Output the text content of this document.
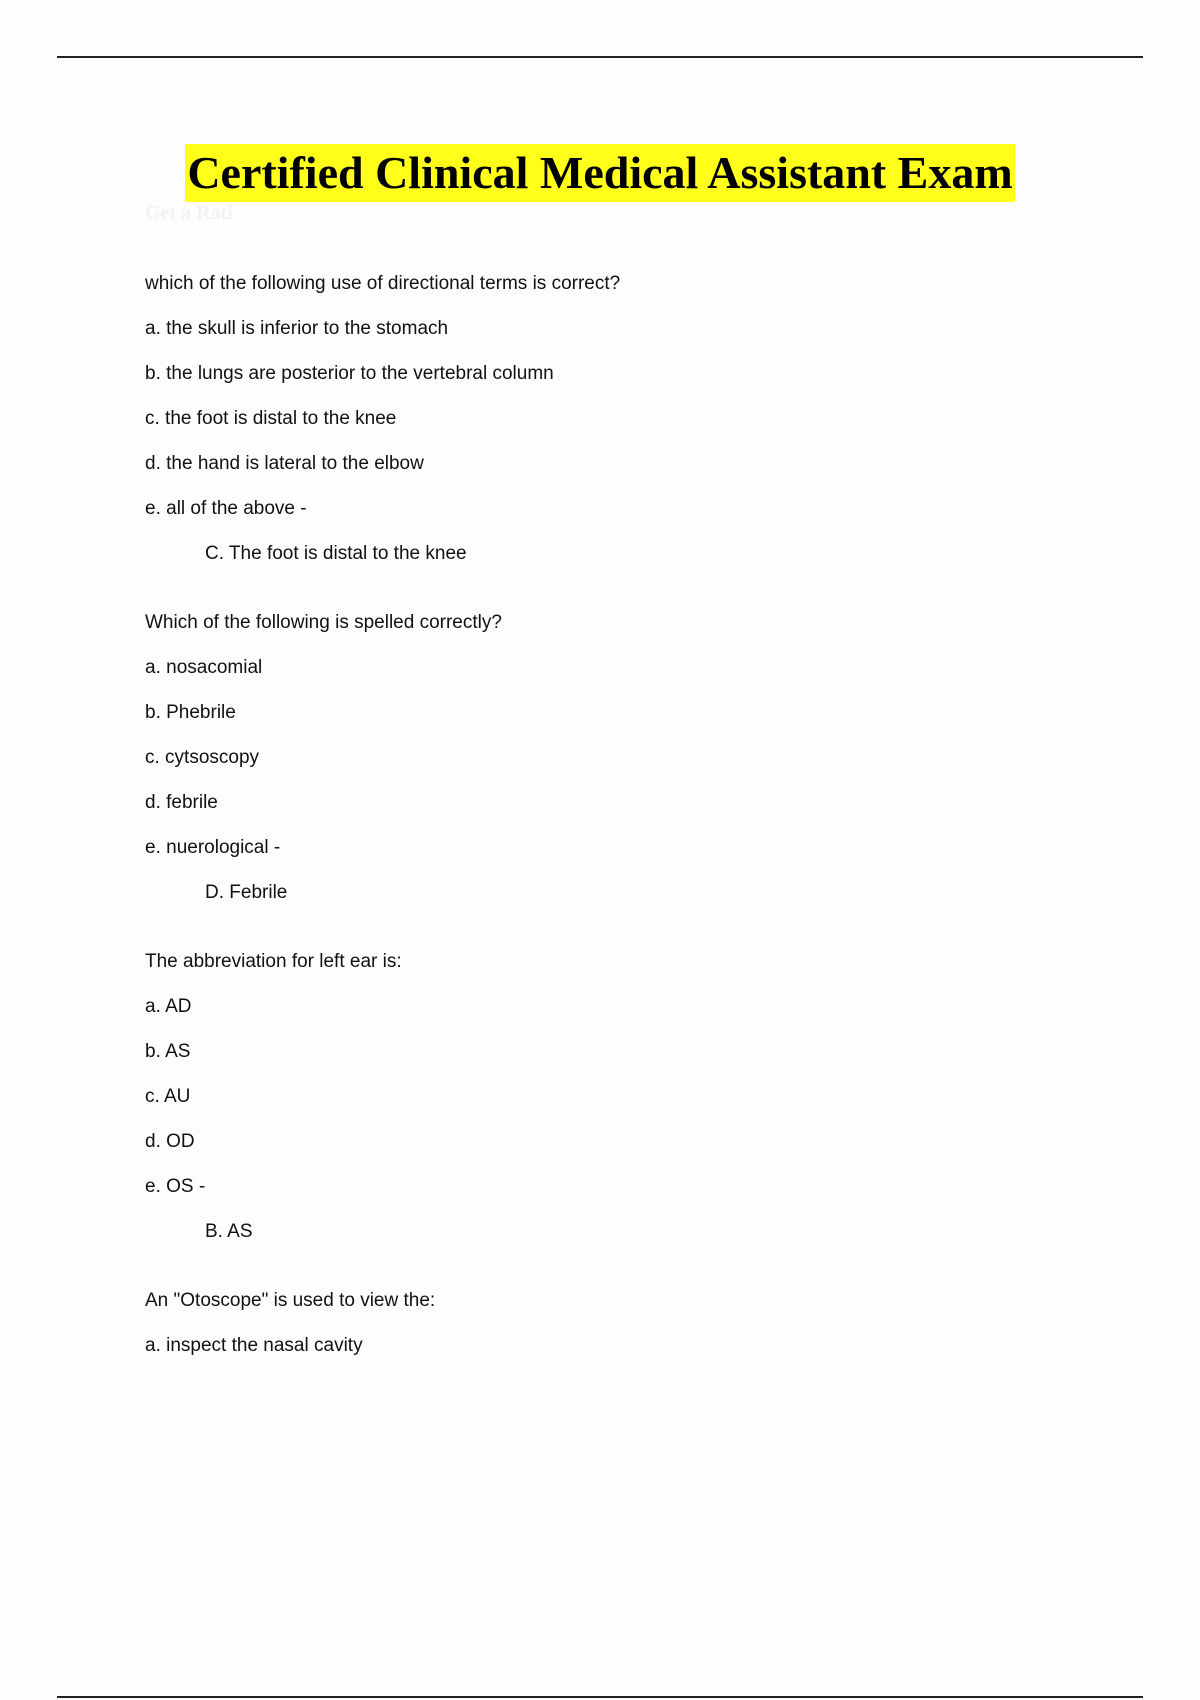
Certified Clinical Medical Assistant Exam
Get a Rati
which of the following use of directional terms is correct?
a. the skull is inferior to the stomach
b. the lungs are posterior to the vertebral column
c. the foot is distal to the knee
d. the hand is lateral to the elbow
e. all of the above -
C. The foot is distal to the knee
Which of the following is spelled correctly?
a. nosacomial
b. Phebrile
c. cytsoscopy
d. febrile
e. nuerological -
D. Febrile
The abbreviation for left ear is:
a. AD
b. AS
c. AU
d. OD
e. OS -
B. AS
An "Otoscope" is used to view the:
a. inspect the nasal cavity
